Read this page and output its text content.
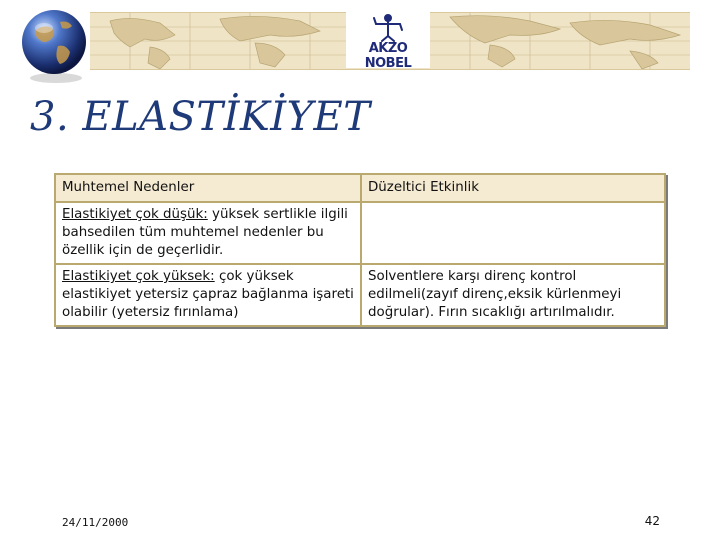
AKZO NOBEL
3. ELASTİKİYET
Muhtemel Nedenler	Düzeltici Etkinlik
Elastikiyet çok düşük: yüksek sertlikle ilgili bahsedilen tüm muhtemel nedenler bu özellik için de geçerlidir.	
Elastikiyet çok yüksek: çok yüksek elastikiyet yetersiz çapraz bağlanma işareti olabilir (yetersiz fırınlama)	Solventlere karşı direnç kontrol edilmeli(zayıf direnç,eksik kürlenmeyi doğrular). Fırın sıcaklığı artırılmalıdır.
24/11/2000	42
